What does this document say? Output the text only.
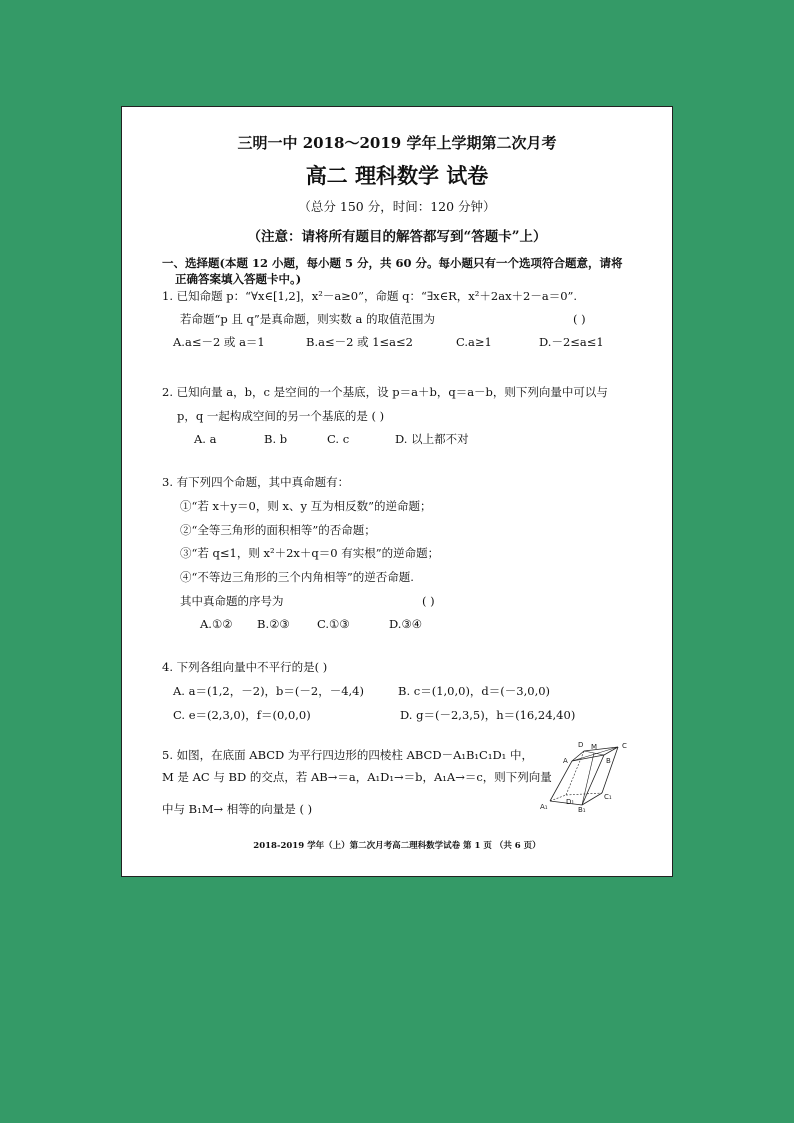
三明一中 2018～2019 学年上学期第二次月考
高二 理科数学 试卷
（总分 150 分，时间：120 分钟）
（注意：请将所有题目的解答都写到“答题卡”上）
一、选择题(本题 12 小题，每小题 5 分，共 60 分。每小题只有一个选项符合题意，请将
正确答案填入答题卡中。)
1. 已知命题 p：“∀x∈[1,2]，x²－a≥0”，命题 q：“∃x∈R，x²＋2ax＋2－a＝0”.
若命题“p 且 q”是真命题，则实数 a 的取值范围为	( )
A.a≤－2 或 a＝1	B.a≤－2 或 1≤a≤2	C.a≥1	D.－2≤a≤1
2. 已知向量 a，b，c 是空间的一个基底，设 p＝a＋b，q＝a－b，则下列向量中可以与
p，q 一起构成空间的另一个基底的是 ( )
A. a	B. b	C. c	D. 以上都不对
3. 有下列四个命题，其中真命题有：
①“若 x＋y＝0，则 x、y 互为相反数”的逆命题；
②“全等三角形的面积相等”的否命题；
③“若 q≤1，则 x²＋2x＋q＝0 有实根”的逆命题；
④“不等边三角形的三个内角相等”的逆否命题.
其中真命题的序号为	( )
A.①② B.②③ C.①③	D.③④
4. 下列各组向量中不平行的是( )
A. a＝(1,2，－2)，b＝(－2，－4,4)	B. c＝(1,0,0)，d＝(－3,0,0)
C. e＝(2,3,0)，f＝(0,0,0)	D. g＝(－2,3,5)，h＝(16,24,40)
5. 如图，在底面 ABCD 为平行四边形的四棱柱 ABCD－A₁B₁C₁D₁ 中，
M 是 AC 与 BD 的交点，若 AB→＝a，A₁D₁→＝b，A₁A→＝c，则下列向量
中与 B₁M→ 相等的向量是 ( )
D M	C
A	B
D₁
C₁
A₁	B₁
2018-2019 学年（上）第二次月考高二理科数学试卷 第 1 页 （共 6 页）
